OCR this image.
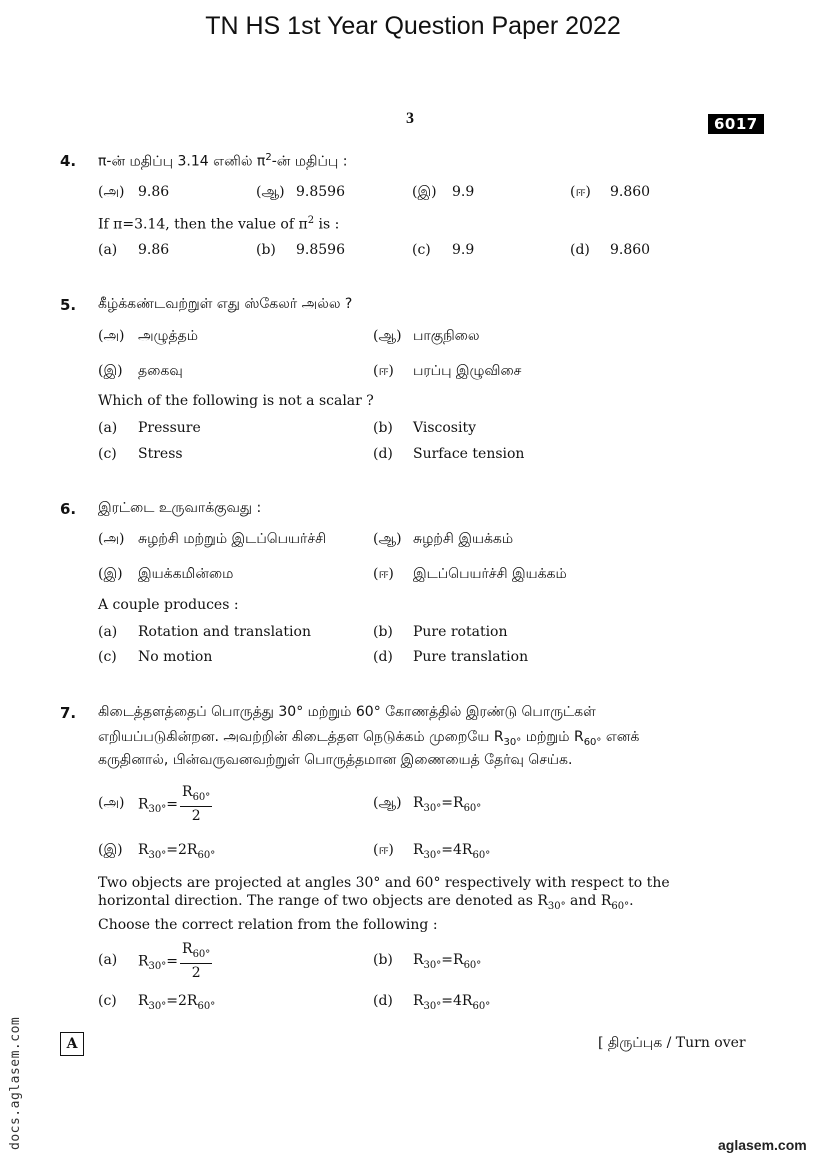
TN HS 1st Year Question Paper 2022
3	6017
4. π-ன் மதிப்பு 3.14 எனில் $\pi^2-ன்$ மதிப்பு :
(அ) 9.86	(ஆ) 9.8596	(இ) 9.9	(ஈ) 9.860
If π=3.14, then the value of $\pi^2$ is :
(a) 9.86	(b) 9.8596	(c) 9.9	(d) 9.860
5. கீழ்க்கண்டவற்றுள் எது ஸ்கேலர் அல்ல ?
(அ) அழுத்தம்	(ஆ) பாகுநிலை
(இ) தகைவு	(ஈ) பரப்பு இழுவிசை
Which of the following is not a scalar ?
(a) Pressure	(b) Viscosity
(c) Stress	(d) Surface tension
6. இரட்டை உருவாக்குவது :
(அ) சுழற்சி மற்றும் இடப்பெயர்ச்சி	(ஆ) சுழற்சி இயக்கம்
(இ) இயக்கமின்மை	(ஈ) இடப்பெயர்ச்சி இயக்கம்
A couple produces :
(a) Rotation and translation	(b) Pure rotation
(c) No motion	(d) Pure translation
7. கிடைத்தளத்தைப் பொருத்து 30° மற்றும் 60° கோணத்தில் இரண்டு பொருட்கள்
எறியப்படுகின்றன. அவற்றின் கிடைத்தள நெடுக்கம் முறையே $R_{30^\circ}$ மற்றும் $R_{60^\circ}$ எனக்
கருதினால், பின்வருவனவற்றுள் பொருத்தமான இணையைத் தேர்வு செய்க.
(அ) $R_{30^\circ}= \frac{R_{60^\circ}}{2}$	(ஆ) $R_{30^\circ}=R_{60^\circ}$
(இ) $R_{30^\circ}=2R_{60^\circ}$	(ஈ) $R_{30^\circ}=4R_{60^\circ}$
Two objects are projected at angles 30° and 60° respectively with respect to the
horizontal direction. The range of two objects are denoted as $R_{30^\circ}$ and $R_{60^\circ}$.
Choose the correct relation from the following :
(a) $R_{30^\circ}= \frac{R_{60^\circ}}{2}$	(b) $R_{30^\circ}=R_{60^\circ}$
(c) $R_{30^\circ}=2R_{60^\circ}$	(d) $R_{30^\circ}=4R_{60^\circ}$
docs.aglasem.com	A	[ திருப்புக / Turn over
aglasem.com
